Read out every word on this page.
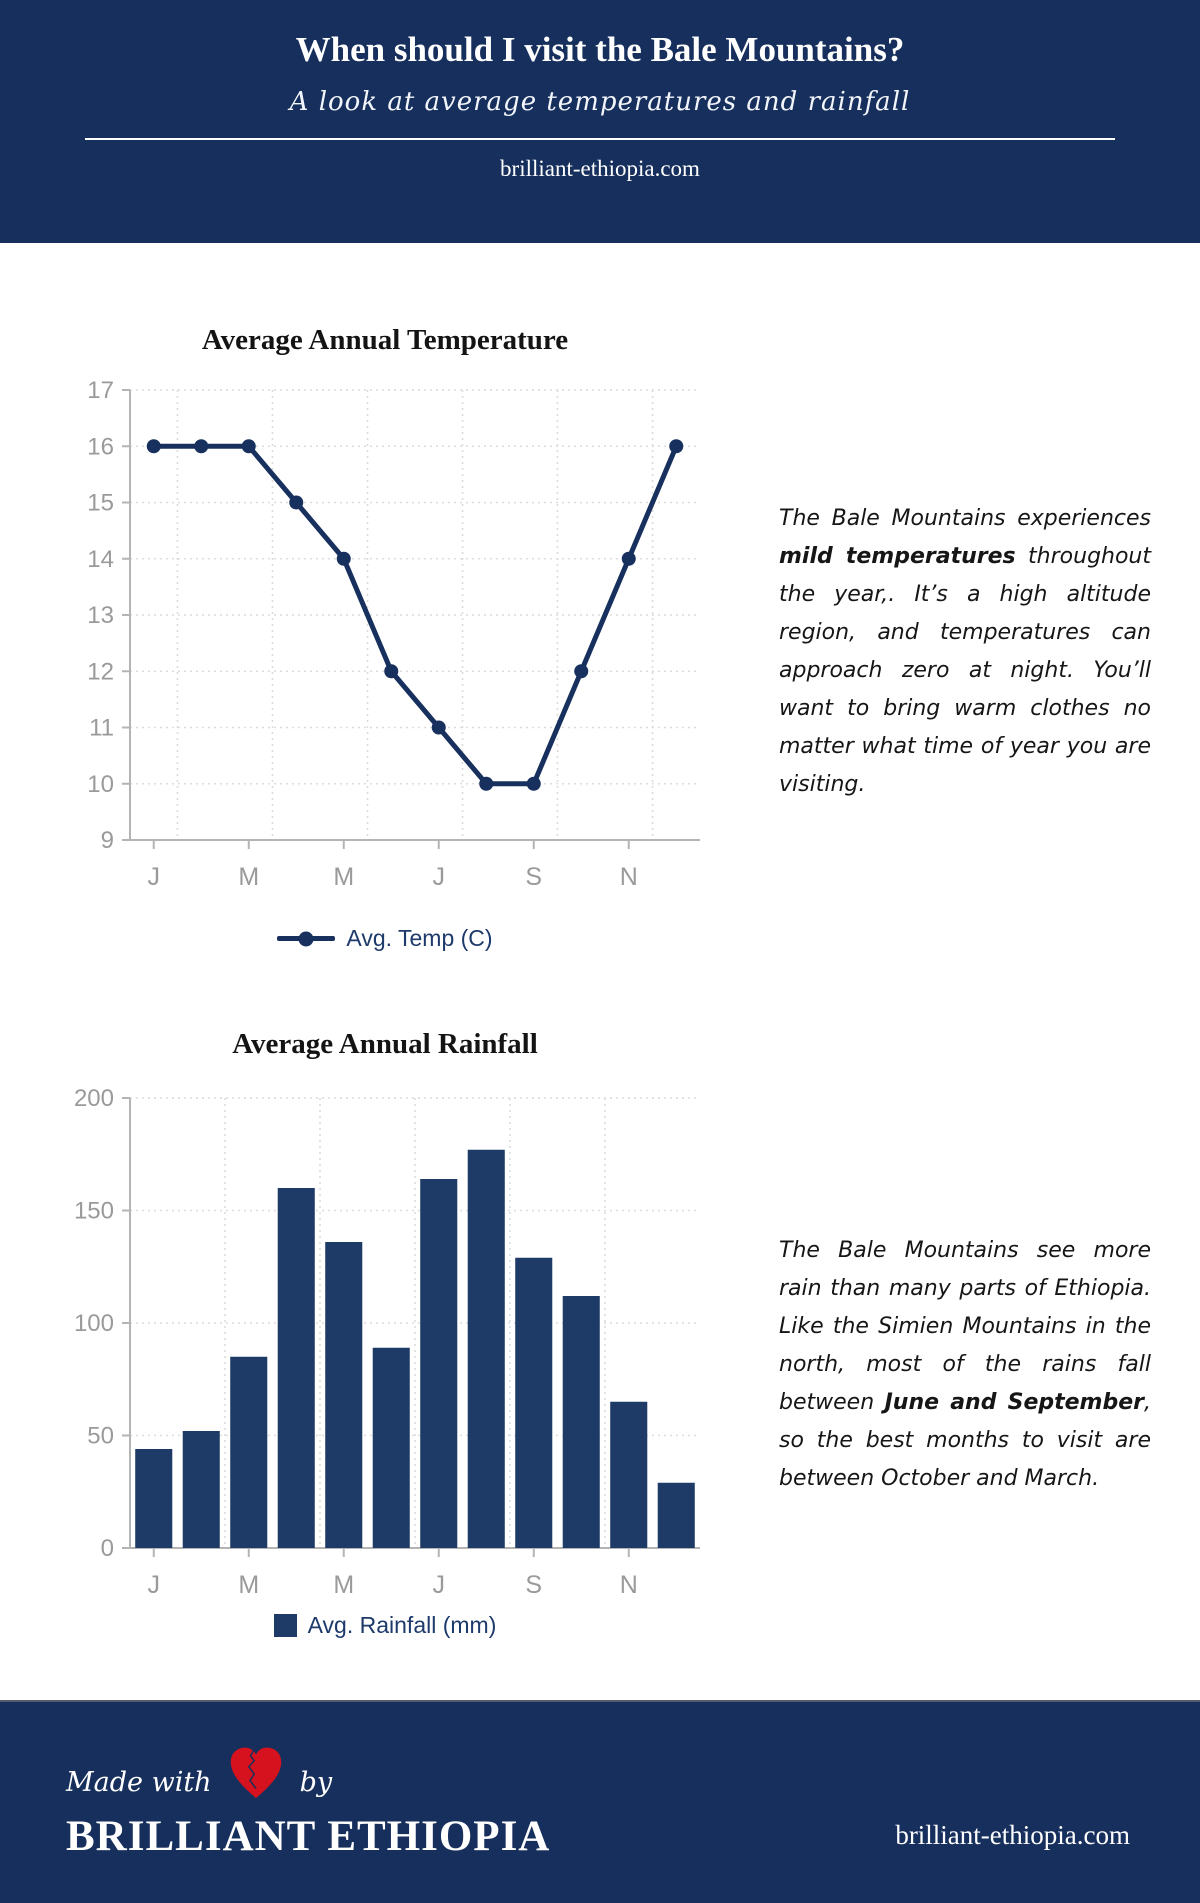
When should I visit the Bale Mountains?
A look at average temperatures and rainfall
brilliant-ethiopia.com
Average Annual Temperature
9
10
11
12
13
14
15
16
17
J	M	M	J	S	N
Avg. Temp (C)
The Bale Mountains experiences mild temperatures throughout the year,. It’s a high altitude region, and temperatures can approach zero at night. You’ll want to bring warm clothes no matter what time of year you are visiting.
Average Annual Rainfall
0
50
100
150
200
J	M	M	J	S	N
Avg. Rainfall (mm)
The Bale Mountains see more rain than many parts of Ethiopia. Like the Simien Mountains in the north, most of the rains fall between June and September, so the best months to visit are between October and March.
Made with	by
BRILLIANT ETHIOPIA	brilliant-ethiopia.com
